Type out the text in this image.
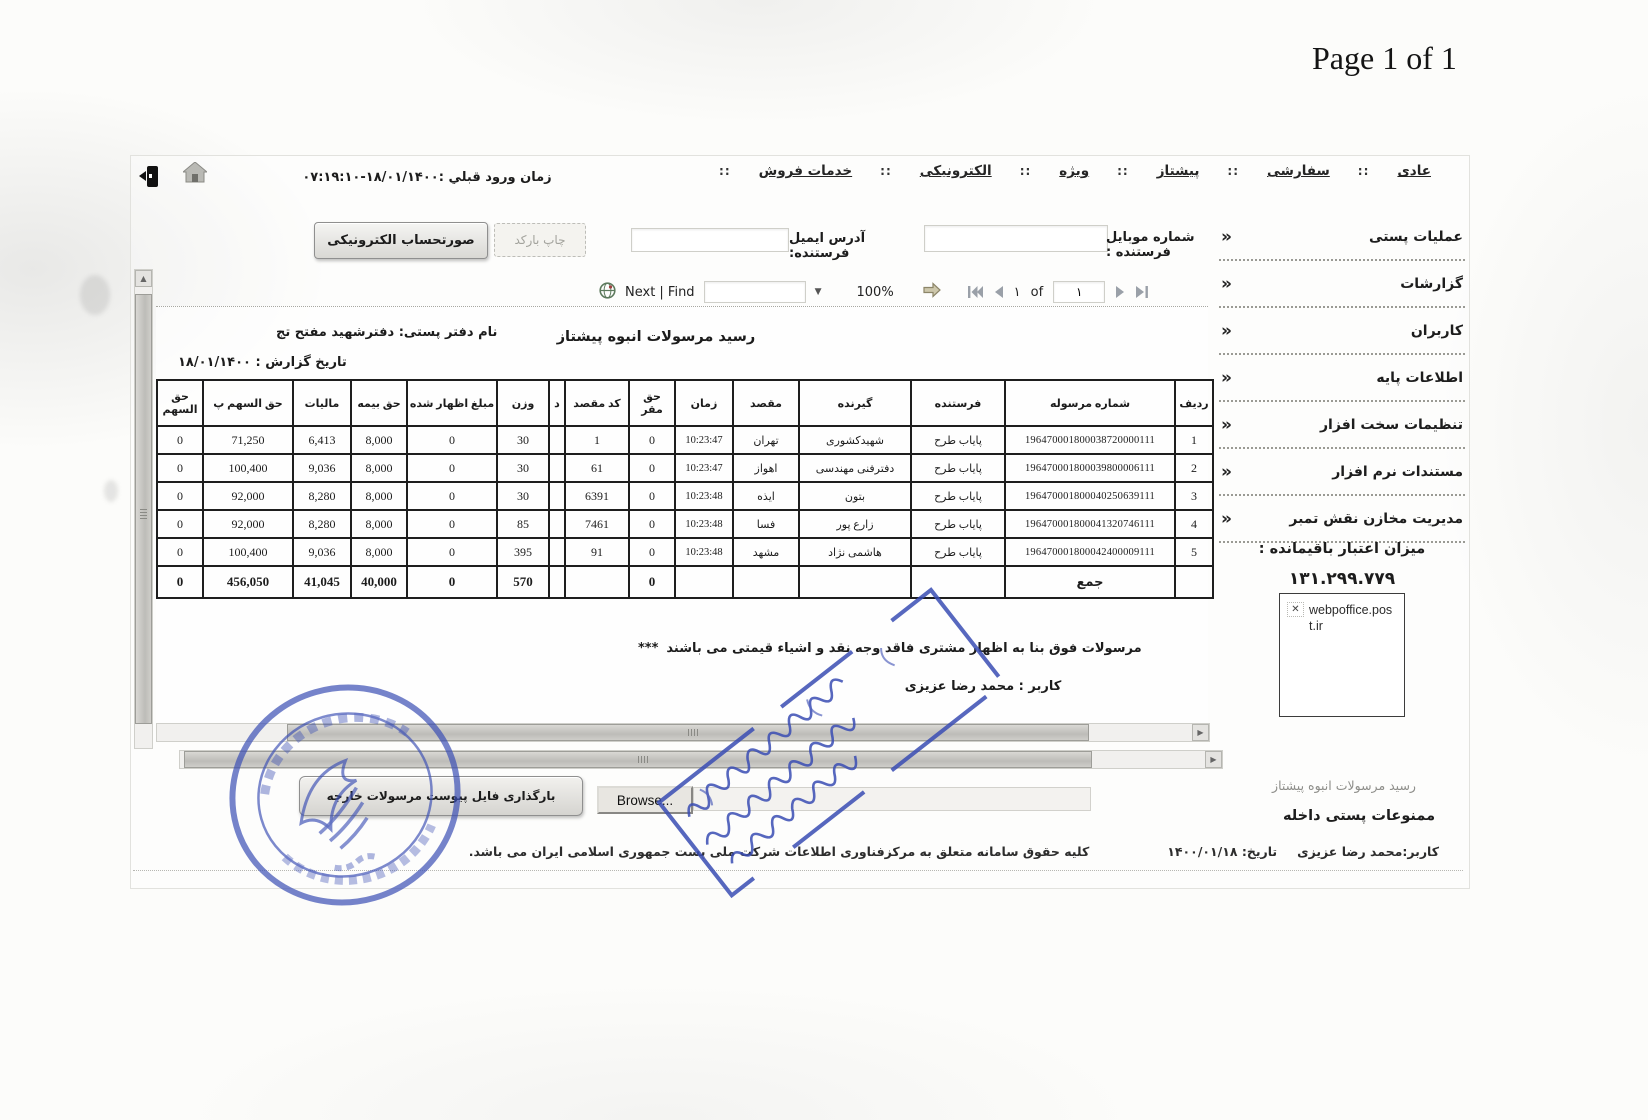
Page 1 of 1
عادی
::
سفارشی
::
پیشتاز
::
ویژه
::
الکترونیکی
::
خدمات فروش
::
زمان ورود قبلي :۱۸/۰۱/۱۴۰۰-۰۷:۱۹:۱۰
صورتحساب الکترونیکی	چاپ بارکد	آدرس ایمیل فرستنده:
شماره موبایل فرستنده :
Next | Find	▼	100%	۱ of
۱
▲
رسید مرسولات انبوه پیشتاز
نام دفتر پستی: دفترشهید مفتح تج
تاریخ گزارش : ۱۸/۰۱/۱۴۰۰
ردیف	شماره مرسوله	فرستنده	گیرنده	مقصد	زمان	حق مقر	کد مقصد	د	وزن	مبلغ اظهار شده	حق بیمه	مالیات	حق السهم پ	حق السهم
1	196470001800038720000111	پایاب طرح	شهیدکشوری	تهران	10:23:47	0	1		30	0	8,000	6,413	71,250	0
2	196470001800039800006111	پایاب طرح	دفترفنی مهندسی	اهواز	10:23:47	0	61		30	0	8,000	9,036	100,400	0
3	196470001800040250639111	پایاب طرح	بتون	ایذه	10:23:48	0	6391		30	0	8,000	8,280	92,000	0
4	196470001800041320746111	پایاب طرح	زارع پور	فسا	10:23:48	0	7461		85	0	8,000	8,280	92,000	0
5	196470001800042400009111	پایاب طرح	هاشمی نژاد	مشهد	10:23:48	0	91		395	0	8,000	9,036	100,400	0
	جمع					0			570	0	40,000	41,045	456,050	0
*** مرسولات فوق بنا به اظهار مشتری فاقد وجه نقد و اشیاء قیمتی می باشند
کاربر : محمد رضا عزیزی
▶
▶
عملیات پستی
«
گزارشات
«
کاربران
«
اطلاعات پایه
«
تنظیمات سخت افزار
«
مستندات نرم افزار
«
مدیریت مخازن نقش تمبر
«
میزان اعتبار باقیمانده :
۱۳۱.۲۹۹.۷۷۹
✕ webpoffice.post.ir
بارگذاری فایل پیوست مرسولات خارجه	Browse...
رسید مرسولات انبوه پیشتاز
ممنوعات پستی داخله
کاربر:محمد رضا عزیزی
تاریخ: ۱۴۰۰/۰۱/۱۸
کلیه حقوق سامانه متعلق به مرکزفناوری اطلاعات شرکت ملی پست جمهوری اسلامی ایران می باشد.
